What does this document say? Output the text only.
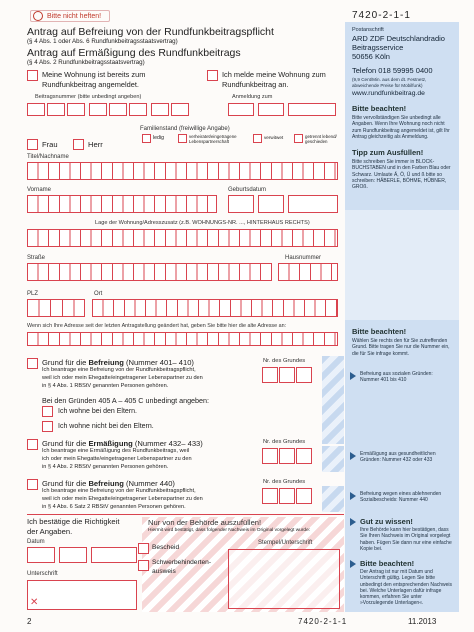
Bitte nicht heften!	7420-2-1-1
Antrag auf Befreiung von der Rundfunkbeitragspflicht
(§ 4 Abs. 1 oder Abs. 6 Rundfunkbeitragsstaatsvertrag)
Antrag auf Ermäßigung des Rundfunkbeitrags
(§ 4 Abs. 2 Rundfunkbeitragsstaatsvertrag)
Postanschrift
ARD ZDF Deutschlandradio
Beitragsservice
50656 Köln
Telefon 018 59995 0400
(9,9 Cent/Min. aus dem dt. Festnetz, abweichende Preise für Mobilfunk)
www.rundfunkbeitrag.de
Bitte beachten!
Bitte vervollständigen Sie unbedingt alle Angaben. Wenn Ihre Wohnung noch nicht zum Rundfunkbeitrag angemeldet ist, gilt Ihr Antrag gleichzeitig als Anmeldung.
Tipp zum Ausfüllen!
Bitte schreiben Sie immer in BLOCK-BUCHSTABEN und in den Farben Blau oder Schwarz. Umlaute Ä, Ö, Ü und ß bitte so schreiben: HÄBERLE, BÖHME, HÜBNER, GROß.
Bitte beachten!
Wählen Sie rechts den für Sie zutreffenden Grund. Bitte tragen Sie nur die Nummer ein, die für Sie infrage kommt.
Befreiung aus sozialen Gründen: Nummer 401 bis 410
Ermäßigung aus gesundheitlichen Gründen: Nummer 432 oder 433
Befreiung wegen eines ablehnenden Sozialbescheids: Nummer 440
Gut zu wissen!
Ihre Behörde kann hier bestätigen, dass Sie Ihren Nachweis im Original vorgelegt haben. Fügen Sie dann nur eine einfache Kopie bei.
Bitte beachten!
Der Antrag ist nur mit Datum und Unterschrift gültig. Legen Sie bitte unbedingt den entsprechenden Nachweis bei. Welche Unterlagen dafür infrage kommen, erfahren Sie unter »Vorzulegende Unterlagen«.
Meine Wohnung ist bereits zum Rundfunkbeitrag angemeldet.
Ich melde meine Wohnung zum Rundfunkbeitrag an.
Beitragsnummer (bitte unbedingt angeben)	Anmeldung zum
Familienstand (freiwillige Angabe)
ledig	verheiratet/eingetragene Lebenspartnerschaft
verwitwet	getrennt lebend/ geschieden
Frau	Herr
Titel/Nachname
Vorname	Geburtsdatum
Lage der Wohnung/Adresszusatz (z.B. WOHNUNGS-NR. ..., HINTERHAUS RECHTS)
Straße	Hausnummer
PLZ	Ort
Wenn sich Ihre Adresse seit der letzten Antragstellung geändert hat, geben Sie bitte hier die alte Adresse an:
Grund für die Befreiung (Nummer 401– 410)
Ich beantrage eine Befreiung von der Rundfunkbeitragspflicht,
weil ich oder mein Ehegatte/eingetragener Lebenspartner zu den
in § 4 Abs. 1 RBStV genannten Personen gehören.
Nr. des Grundes
Bei den Gründen 405 A – 405 C unbedingt angeben:
Ich wohne bei den Eltern.
Ich wohne nicht bei den Eltern.
Grund für die Ermäßigung (Nummer 432– 433)
Ich beantrage eine Ermäßigung des Rundfunkbeitrags, weil
ich oder mein Ehegatte/eingetragener Lebenspartner zu den
in § 4 Abs. 2 RBStV genannten Personen gehören.
Nr. des Grundes
Grund für die Befreiung (Nummer 440)
Ich beantrage eine Befreiung von der Rundfunkbeitragspflicht,
weil ich oder mein Ehegatte/eingetragener Lebenspartner zu den
in § 4 Abs. 6 Satz 2 RBStV genannten Personen gehören.
Nr. des Grundes
Ich bestätige die Richtigkeit
der Angaben.
Datum
Unterschrift
✕
Nur von der Behörde auszufüllen!
Hiermit wird bestätigt, dass folgender Nachweis im Original vorgelegt wurde:
Bescheid
Schwerbehinderten-
ausweis
Stempel/Unterschrift
2	7420-2-1-1	11.2013
